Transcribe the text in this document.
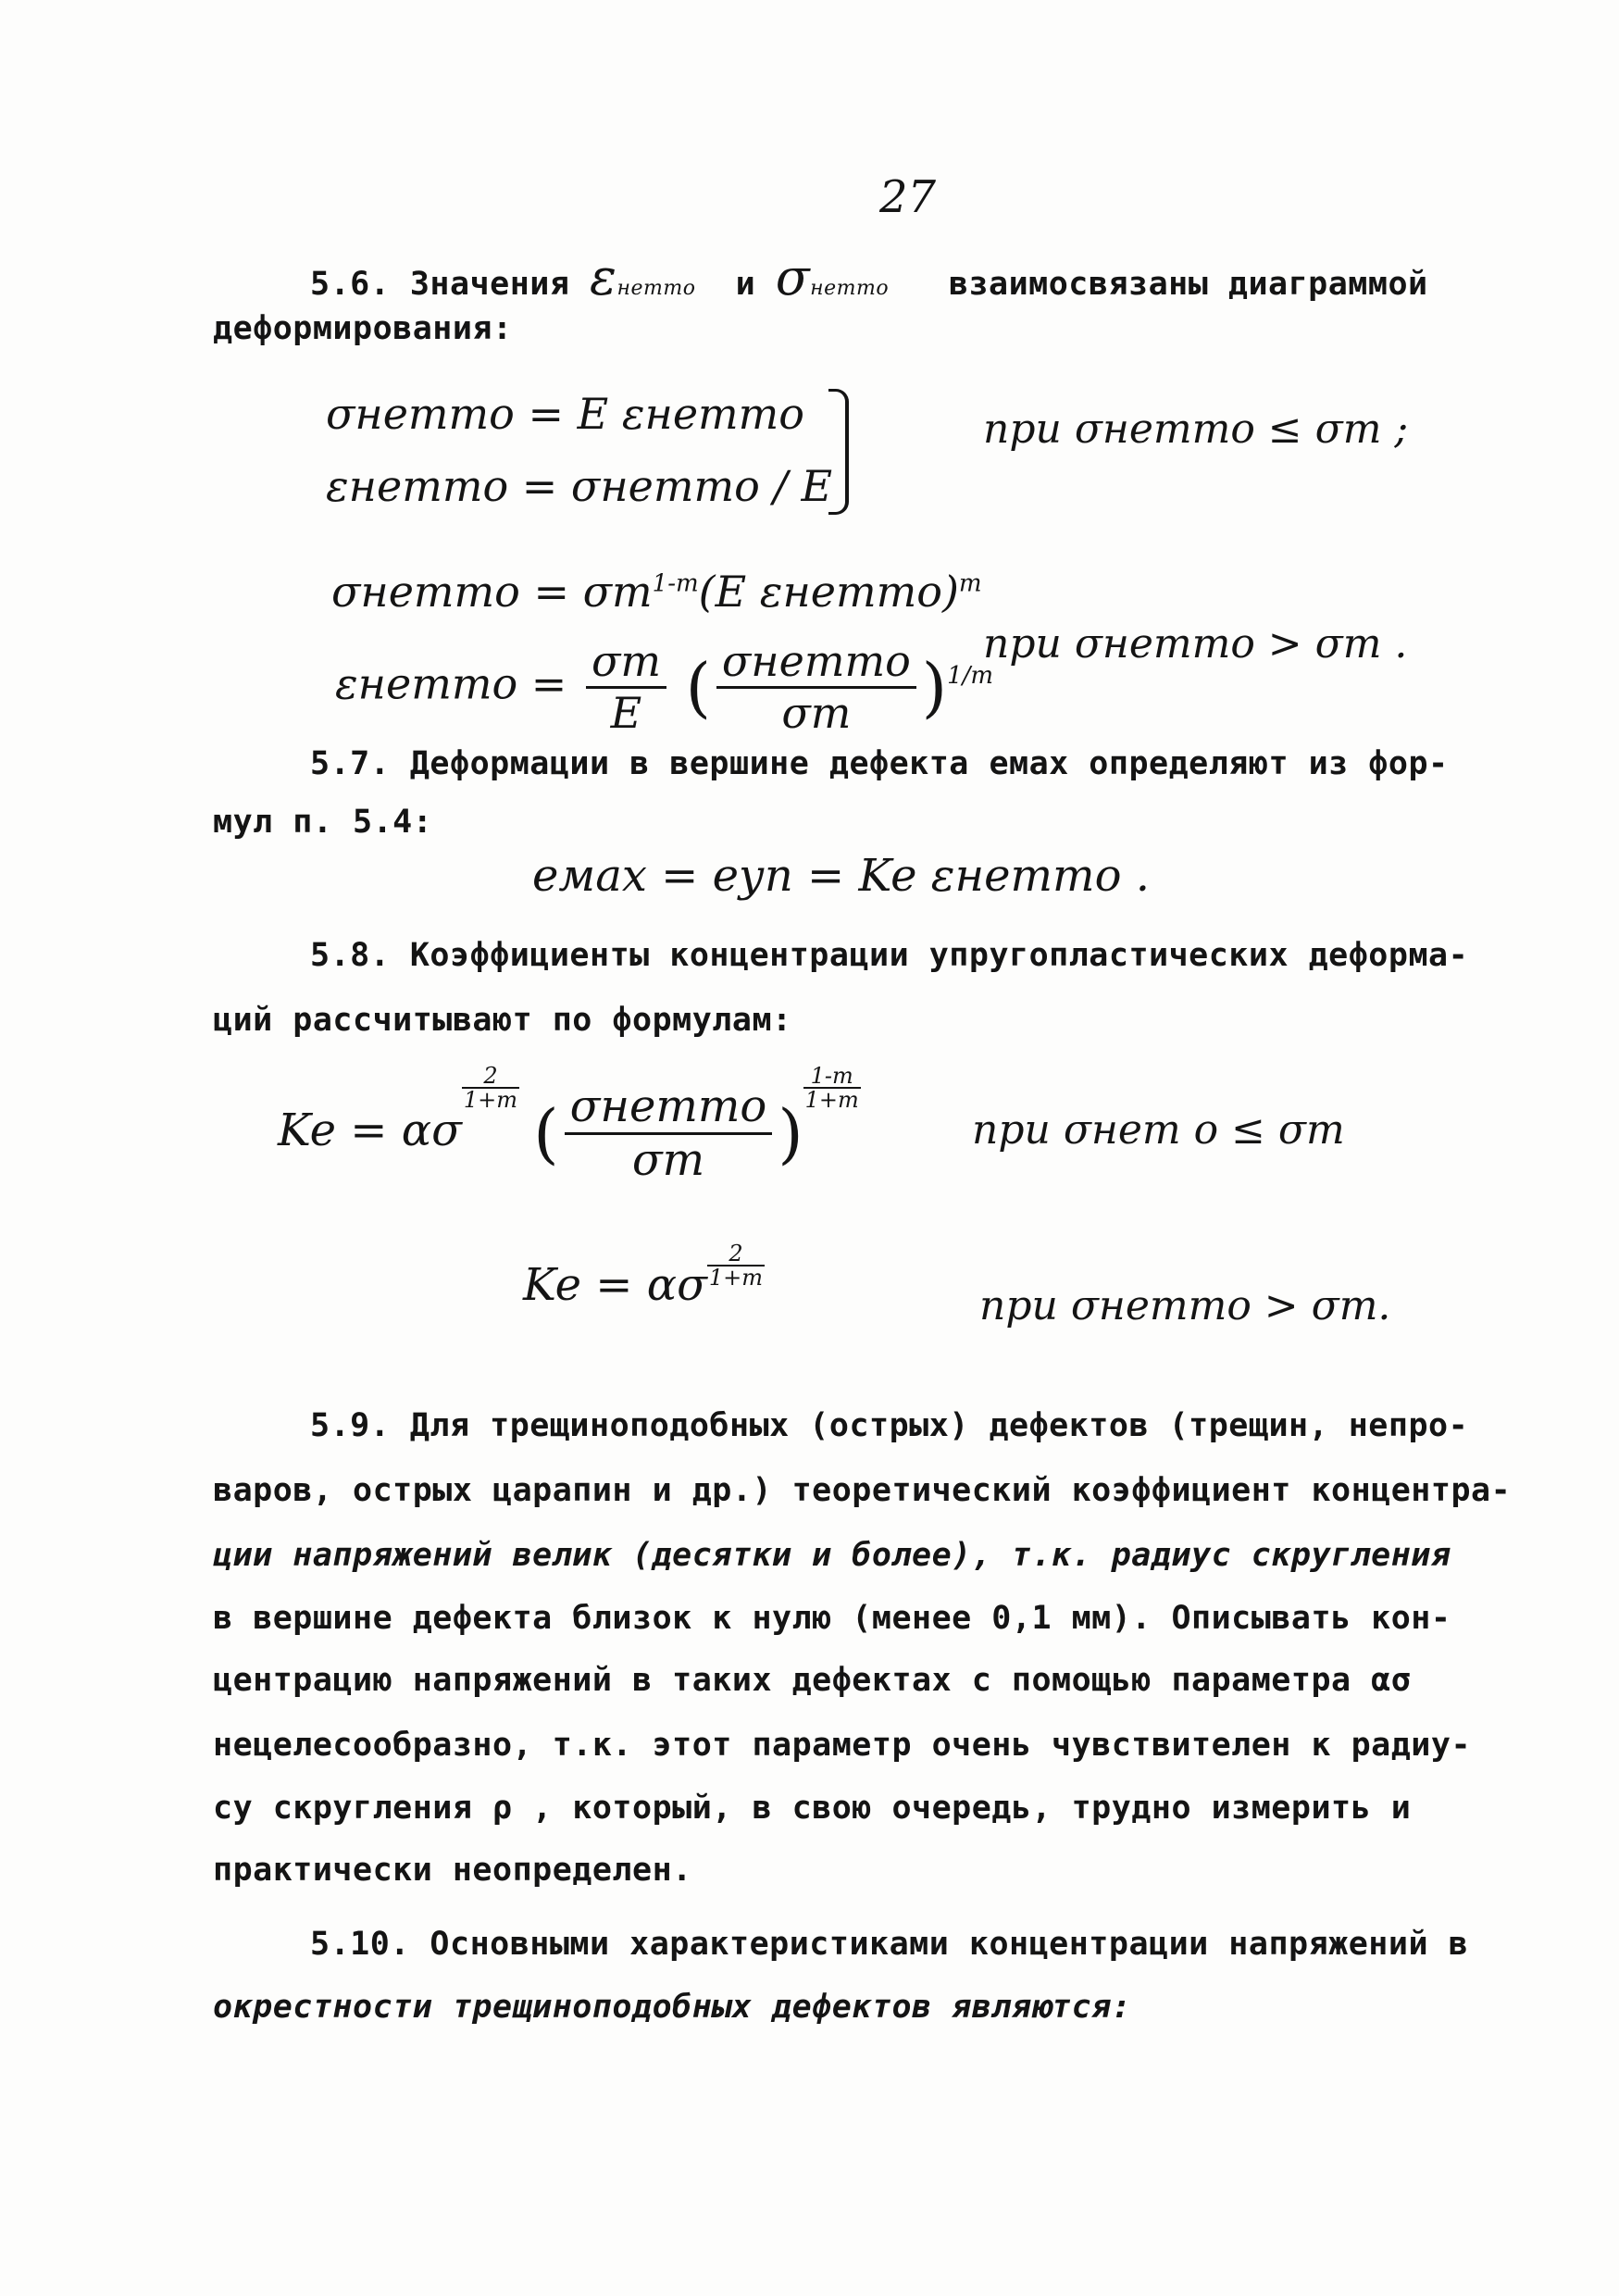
27
5.6. Значения εнетто и σнетто взаимосвязаны диаграммой
деформирования:
σнетто = E εнетто
εнетто = σнетто / E
при σнетто ≤ σт ;
σнетто = $\sigma т^{1-m}(E$ εнетто)$^m$
εнетто = $\frac{\sigma т}{E}$ ( $\frac{\text{σнетто}}{\sigma т} )^{1/m}$
при σнетто > σт .
5.7. Деформации в вершине дефекта eмах определяют из фор-
мул п. 5.4:
eмах = eуп = Ke εнетто .
5.8. Коэффициенты концентрации упругопластических деформа-
ций рассчитывают по формулам:
Ke = ασ
$\frac{2}{1+m}$
( $\frac{\text{σнетто}}{\sigma т}$ )
$\frac{1-m}{1+m}$
при σнет о ≤ σт
Ke = ασ $\frac{2}{1+m}$
при σнетто > σт.
5.9. Для трещиноподобных (острых) дефектов (трещин, непро-
варов, острых царапин и др.) теоретический коэффициент концентра-
ции напряжений велик (десятки и более), т.к. радиус скругления
в вершине дефекта близок к нулю (менее 0,1 мм). Описывать кон-
центрацию напряжений в таких дефектах с помощью параметра ασ
нецелесообразно, т.к. этот параметр очень чувствителен к радиу-
су скругления ρ , который, в свою очередь, трудно измерить и
практически неопределен.
5.10. Основными характеристиками концентрации напряжений в
окрестности трещиноподобных дефектов являются:
